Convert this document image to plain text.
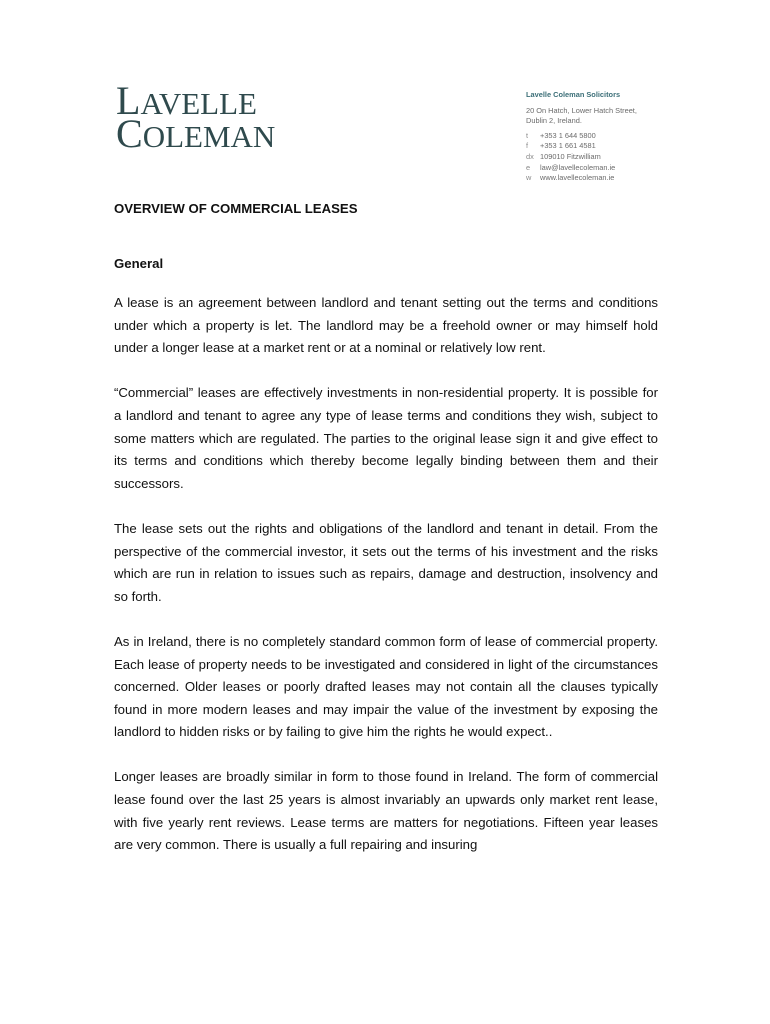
LAVELLE
COLEMAN
Lavelle Coleman Solicitors
20 On Hatch, Lower Hatch Street,
Dublin 2, Ireland.
t	+353 1 644 5800
f	+353 1 661 4581
dx 109010 Fitzwilliam
e	law@lavellecoleman.ie
w	www.lavellecoleman.ie

OVERVIEW OF COMMERCIAL LEASES

General

A lease is an agreement between landlord and tenant setting out the terms and conditions under which a property is let. The landlord may be a freehold owner or may himself hold under a longer lease at a market rent or at a nominal or relatively low rent.

“Commercial” leases are effectively investments in non-residential property. It is possible for a landlord and tenant to agree any type of lease terms and conditions they wish, subject to some matters which are regulated. The parties to the original lease sign it and give effect to its terms and conditions which thereby become legally binding between them and their successors.

The lease sets out the rights and obligations of the landlord and tenant in detail. From the perspective of the commercial investor, it sets out the terms of his investment and the risks which are run in relation to issues such as repairs, damage and destruction, insolvency and so forth.

As in Ireland, there is no completely standard common form of lease of commercial property. Each lease of property needs to be investigated and considered in light of the circumstances concerned. Older leases or poorly drafted leases may not contain all the clauses typically found in more modern leases and may impair the value of the investment by exposing the landlord to hidden risks or by failing to give him the rights he would expect..

Longer leases are broadly similar in form to those found in Ireland. The form of commercial lease found over the last 25 years is almost invariably an upwards only market rent lease, with five yearly rent reviews. Lease terms are matters for negotiations. Fifteen year leases are very common. There is usually a full repairing and insuring
